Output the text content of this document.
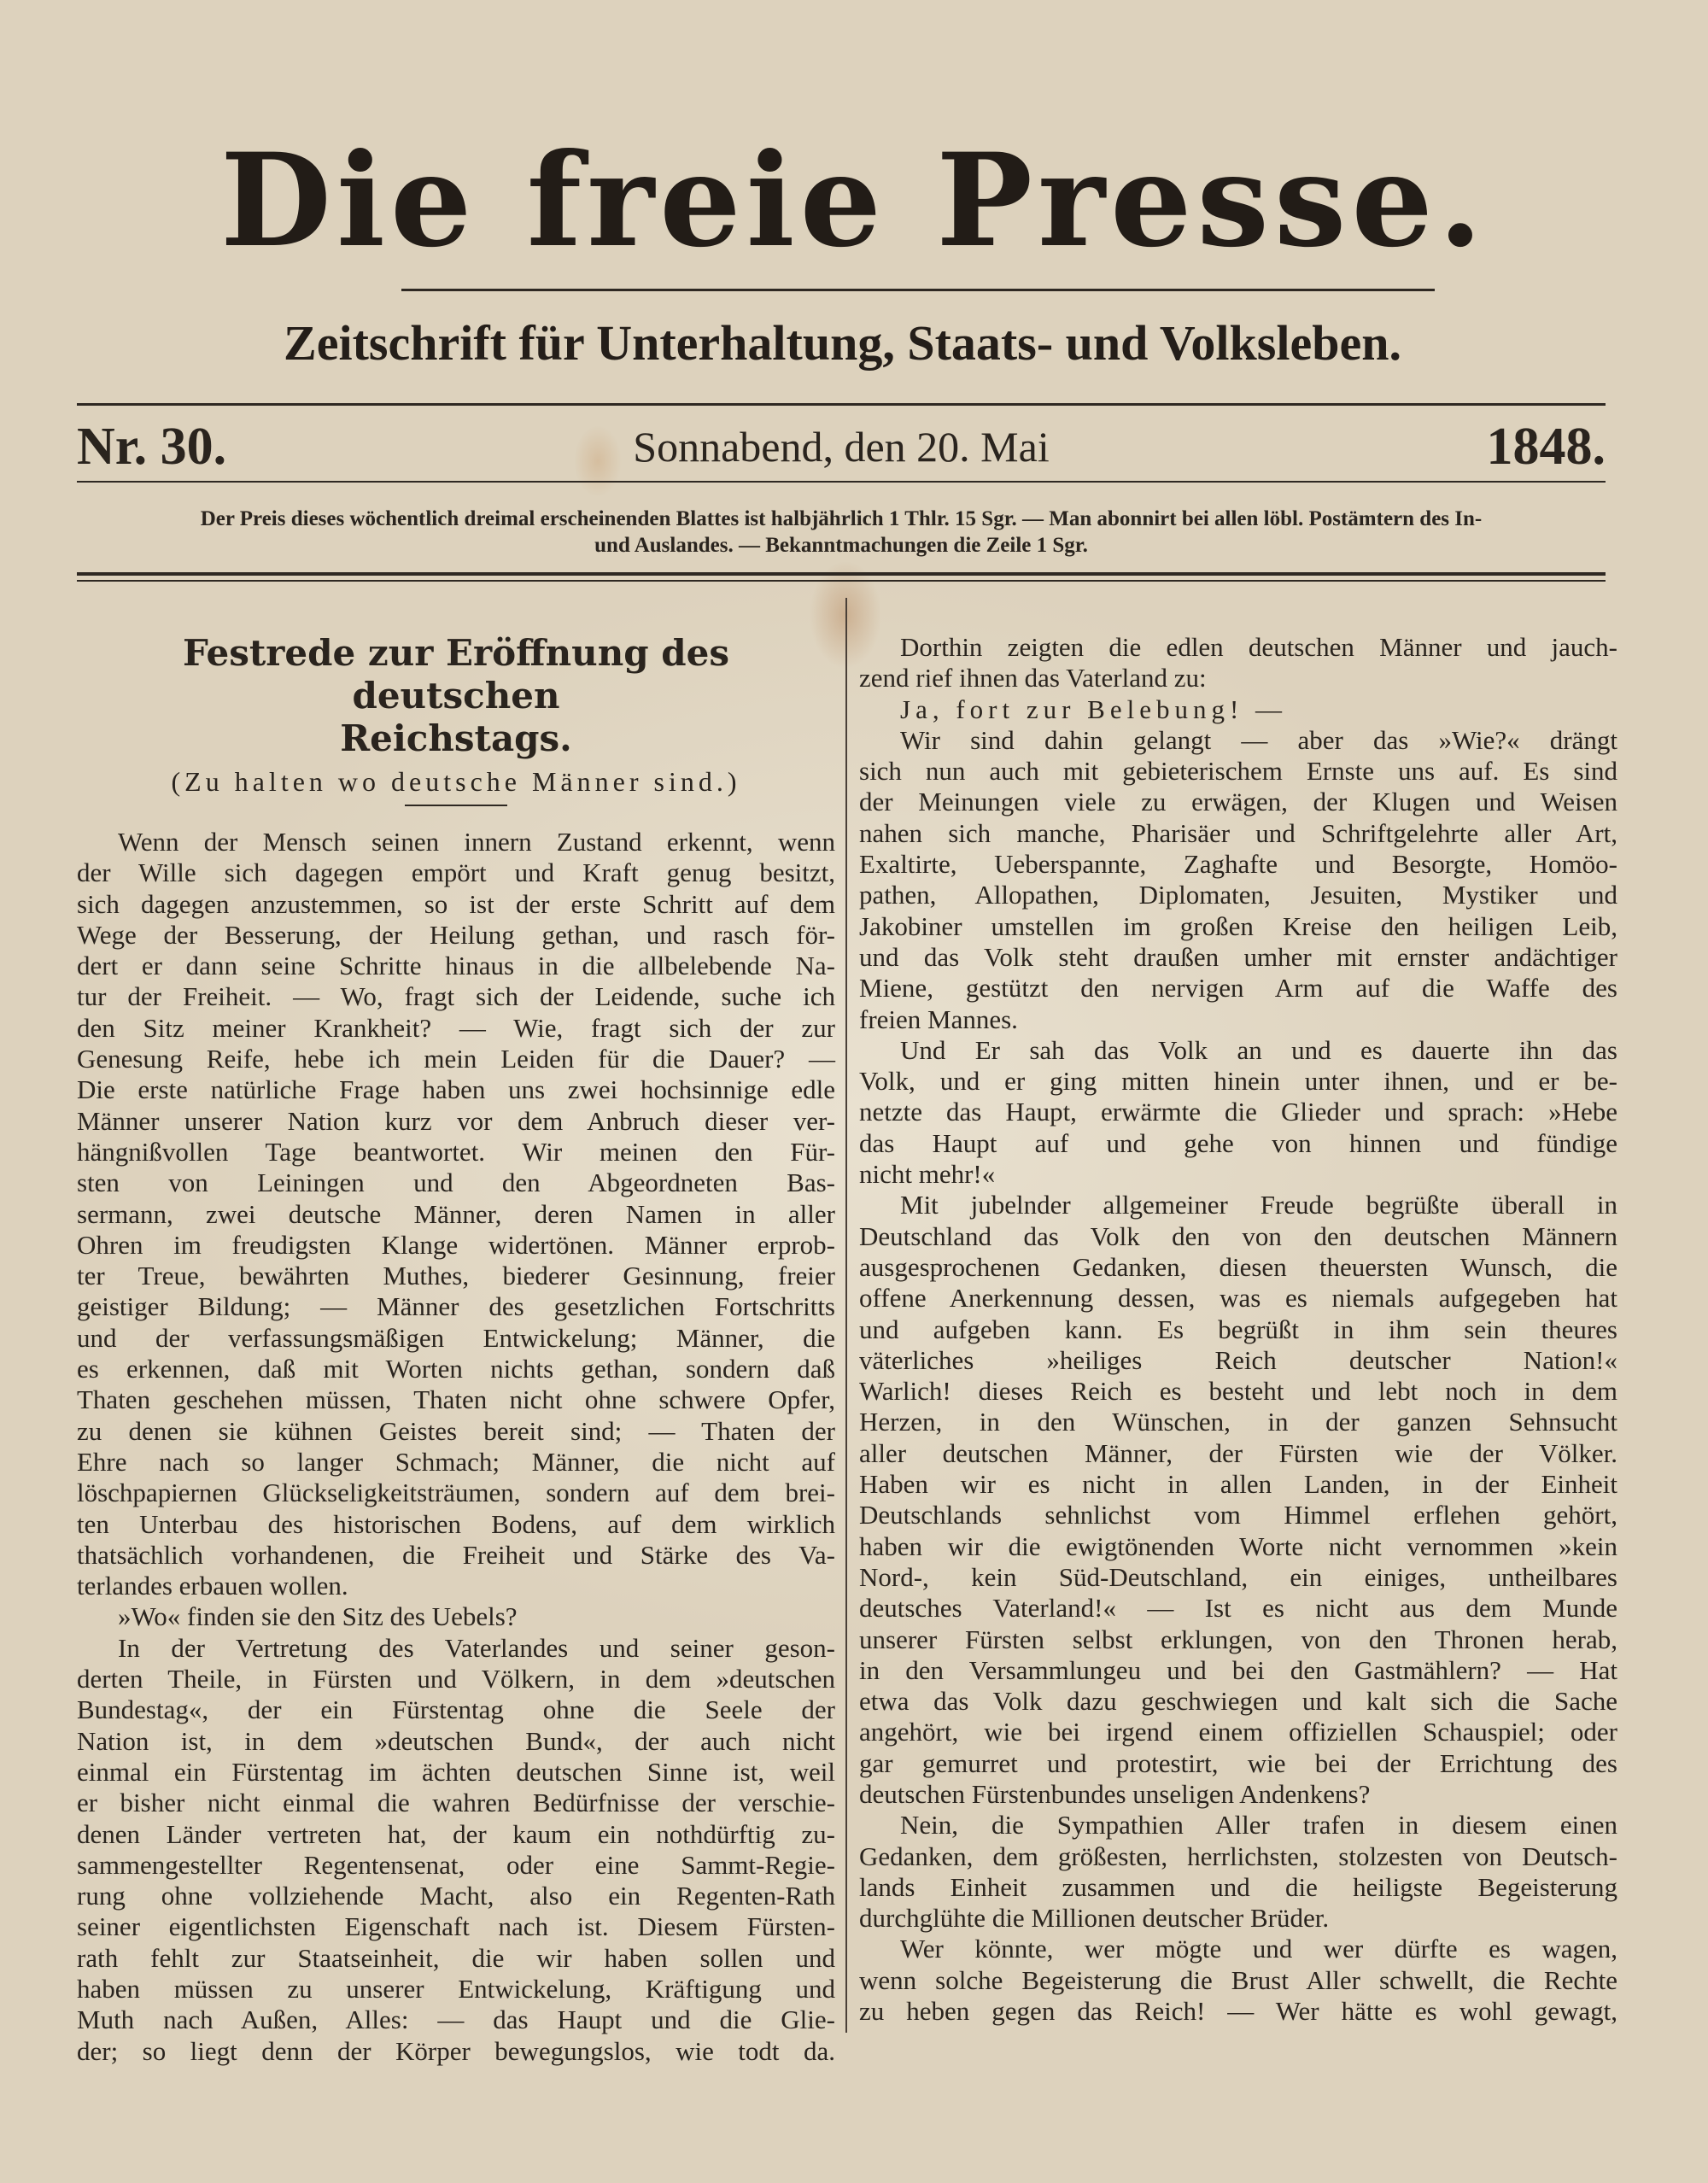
Die freie Presse.
Zeitschrift für Unterhaltung, Staats- und Volksleben.
Nr. 30.	Sonnabend, den 20. Mai	1848.
Der Preis dieses wöchentlich dreimal erscheinenden Blattes ist halbjährlich 1 Thlr. 15 Sgr. — Man abonnirt bei allen löbl. Postämtern des In-
und Auslandes. — Bekanntmachungen die Zeile 1 Sgr.
Festrede zur Eröffnung des deutschen
Reichstags.
(Zu halten wo deutsche Männer sind.)
Wenn der Mensch seinen innern Zustand erkennt, wenn
der Wille sich dagegen empört und Kraft genug besitzt,
sich dagegen anzustemmen, so ist der erste Schritt auf dem
Wege der Besserung, der Heilung gethan, und rasch för-
dert er dann seine Schritte hinaus in die allbelebende Na-
tur der Freiheit. — Wo, fragt sich der Leidende, suche ich
den Sitz meiner Krankheit? — Wie, fragt sich der zur
Genesung Reife, hebe ich mein Leiden für die Dauer? —
Die erste natürliche Frage haben uns zwei hochsinnige edle
Männer unserer Nation kurz vor dem Anbruch dieser ver-
hängnißvollen Tage beantwortet. Wir meinen den Für-
sten von Leiningen und den Abgeordneten Bas-
sermann, zwei deutsche Männer, deren Namen in aller
Ohren im freudigsten Klange widertönen. Männer erprob-
ter Treue, bewährten Muthes, biederer Gesinnung, freier
geistiger Bildung; — Männer des gesetzlichen Fortschritts
und der verfassungsmäßigen Entwickelung; Männer, die
es erkennen, daß mit Worten nichts gethan, sondern daß
Thaten geschehen müssen, Thaten nicht ohne schwere Opfer,
zu denen sie kühnen Geistes bereit sind; — Thaten der
Ehre nach so langer Schmach; Männer, die nicht auf
löschpapiernen Glückseligkeitsträumen, sondern auf dem brei-
ten Unterbau des historischen Bodens, auf dem wirklich
thatsächlich vorhandenen, die Freiheit und Stärke des Va-
terlandes erbauen wollen.
»Wo« finden sie den Sitz des Uebels?
In der Vertretung des Vaterlandes und seiner geson-
derten Theile, in Fürsten und Völkern, in dem »deutschen
Bundestag«, der ein Fürstentag ohne die Seele der
Nation ist, in dem »deutschen Bund«, der auch nicht
einmal ein Fürstentag im ächten deutschen Sinne ist, weil
er bisher nicht einmal die wahren Bedürfnisse der verschie-
denen Länder vertreten hat, der kaum ein nothdürftig zu-
sammengestellter Regentensenat, oder eine Sammt-Regie-
rung ohne vollziehende Macht, also ein Regenten-Rath
seiner eigentlichsten Eigenschaft nach ist. Diesem Fürsten-
rath fehlt zur Staatseinheit, die wir haben sollen und
haben müssen zu unserer Entwickelung, Kräftigung und
Muth nach Außen, Alles: — das Haupt und die Glie-
der; so liegt denn der Körper bewegungslos, wie todt da.
Dorthin zeigten die edlen deutschen Männer und jauch-
zend rief ihnen das Vaterland zu:
Ja, fort zur Belebung! —
Wir sind dahin gelangt — aber das »Wie?« drängt
sich nun auch mit gebieterischem Ernste uns auf. Es sind
der Meinungen viele zu erwägen, der Klugen und Weisen
nahen sich manche, Pharisäer und Schriftgelehrte aller Art,
Exaltirte, Ueberspannte, Zaghafte und Besorgte, Homöo-
pathen, Allopathen, Diplomaten, Jesuiten, Mystiker und
Jakobiner umstellen im großen Kreise den heiligen Leib,
und das Volk steht draußen umher mit ernster andächtiger
Miene, gestützt den nervigen Arm auf die Waffe des
freien Mannes.
Und Er sah das Volk an und es dauerte ihn das
Volk, und er ging mitten hinein unter ihnen, und er be-
netzte das Haupt, erwärmte die Glieder und sprach: »Hebe
das Haupt auf und gehe von hinnen und fündige
nicht mehr!«
Mit jubelnder allgemeiner Freude begrüßte überall in
Deutschland das Volk den von den deutschen Männern
ausgesprochenen Gedanken, diesen theuersten Wunsch, die
offene Anerkennung dessen, was es niemals aufgegeben hat
und aufgeben kann. Es begrüßt in ihm sein theures
väterliches »heiliges Reich deutscher Nation!«
Warlich! dieses Reich es besteht und lebt noch in dem
Herzen, in den Wünschen, in der ganzen Sehnsucht
aller deutschen Männer, der Fürsten wie der Völker.
Haben wir es nicht in allen Landen, in der Einheit
Deutschlands sehnlichst vom Himmel erflehen gehört,
haben wir die ewigtönenden Worte nicht vernommen »kein
Nord-, kein Süd-Deutschland, ein einiges, untheilbares
deutsches Vaterland!« — Ist es nicht aus dem Munde
unserer Fürsten selbst erklungen, von den Thronen herab,
in den Versammlungeu und bei den Gastmählern? — Hat
etwa das Volk dazu geschwiegen und kalt sich die Sache
angehört, wie bei irgend einem offiziellen Schauspiel; oder
gar gemurret und protestirt, wie bei der Errichtung des
deutschen Fürstenbundes unseligen Andenkens?
Nein, die Sympathien Aller trafen in diesem einen
Gedanken, dem größesten, herrlichsten, stolzesten von Deutsch-
lands Einheit zusammen und die heiligste Begeisterung
durchglühte die Millionen deutscher Brüder.
Wer könnte, wer mögte und wer dürfte es wagen,
wenn solche Begeisterung die Brust Aller schwellt, die Rechte
zu heben gegen das Reich! — Wer hätte es wohl gewagt,
